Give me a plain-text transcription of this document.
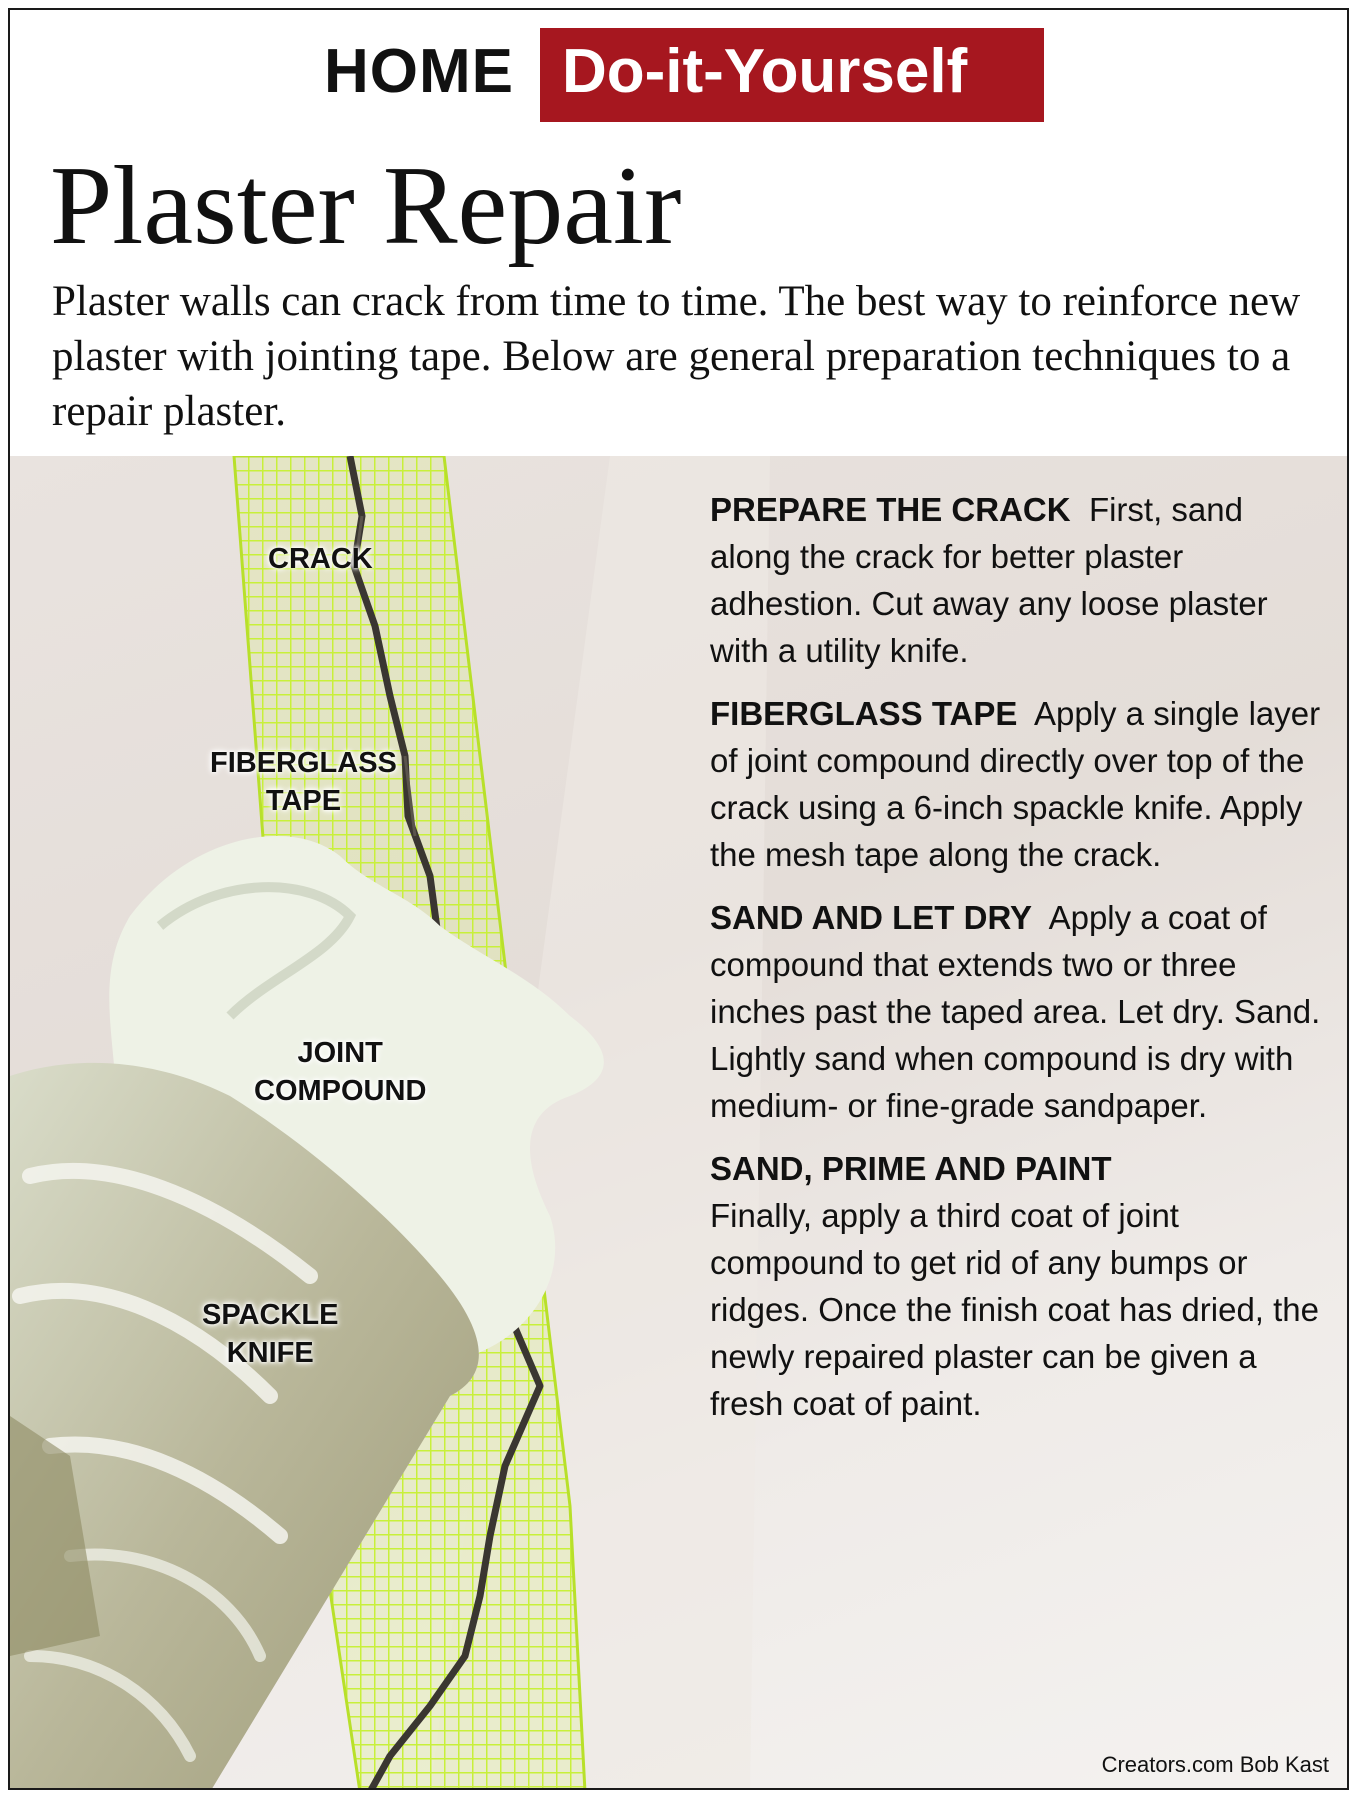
HOME Do-it-Yourself
Plaster Repair
Plaster walls can crack from time to time. The best way to reinforce new plaster with jointing tape. Below are general preparation techniques to a repair plaster.
CRACK
FIBERGLASS
TAPE
JOINT
COMPOUND
SPACKLE
KNIFE
PREPARE THE CRACK First, sand along the crack for better plaster adhestion. Cut away any loose plaster with a utility knife.
FIBERGLASS TAPE Apply a single layer of joint compound directly over top of the crack using a 6-inch spackle knife. Apply the mesh tape along the crack.
SAND AND LET DRY Apply a coat of compound that extends two or three inches past the taped area. Let dry. Sand. Lightly sand when compound is dry with medium- or fine-grade sandpaper.
SAND, PRIME AND PAINT
Finally, apply a third coat of joint compound to get rid of any bumps or ridges. Once the finish coat has dried, the newly repaired plaster can be given a fresh coat of paint.
Creators.com Bob Kast
